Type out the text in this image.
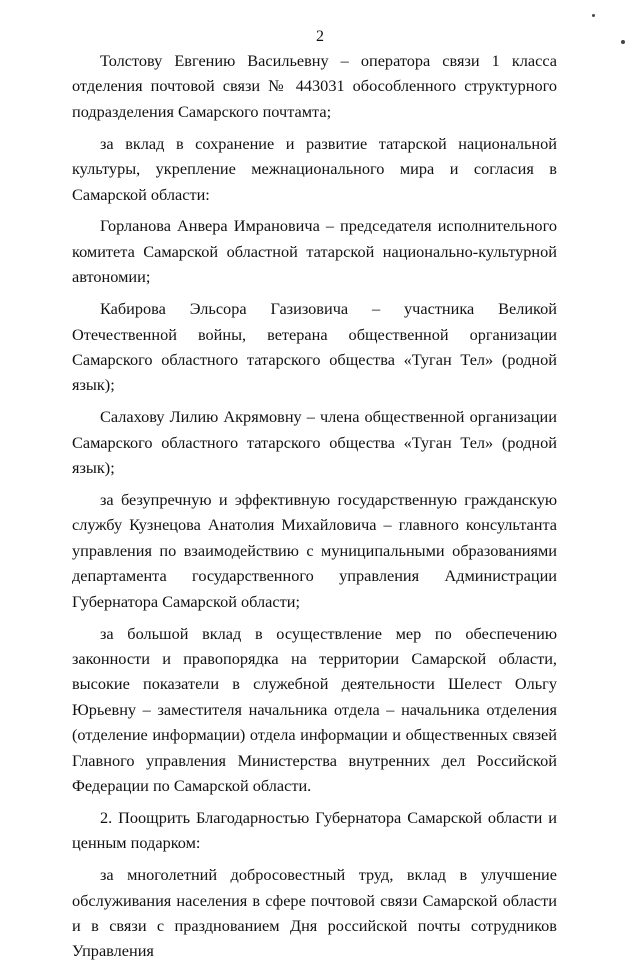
2

Толстову Евгению Васильевну – оператора связи 1 класса отделения почтовой связи № 443031 обособленного структурного подразделения Самарского почтамта;

за вклад в сохранение и развитие татарской национальной культуры, укрепление межнационального мира и согласия в Самарской области:

Горланова Анвера Имрановича – председателя исполнительного комитета Самарской областной татарской национально-культурной автономии;

Кабирова Эльсора Газизовича – участника Великой Отечественной войны, ветерана общественной организации Самарского областного татарского общества «Туган Тел» (родной язык);

Салахову Лилию Акрямовну – члена общественной организации Самарского областного татарского общества «Туган Тел» (родной язык);

за безупречную и эффективную государственную гражданскую службу Кузнецова Анатолия Михайловича – главного консультанта управления по взаимодействию с муниципальными образованиями департамента государственного управления Администрации Губернатора Самарской области;

за большой вклад в осуществление мер по обеспечению законности и правопорядка на территории Самарской области, высокие показатели в служебной деятельности Шелест Ольгу Юрьевну – заместителя начальника отдела – начальника отделения (отделение информации) отдела информации и общественных связей Главного управления Министерства внутренних дел Российской Федерации по Самарской области.

2. Поощрить Благодарностью Губернатора Самарской области и ценным подарком:

за многолетний добросовестный труд, вклад в улучшение обслуживания населения в сфере почтовой связи Самарской области и в связи с празднованием Дня российской почты сотрудников Управления
